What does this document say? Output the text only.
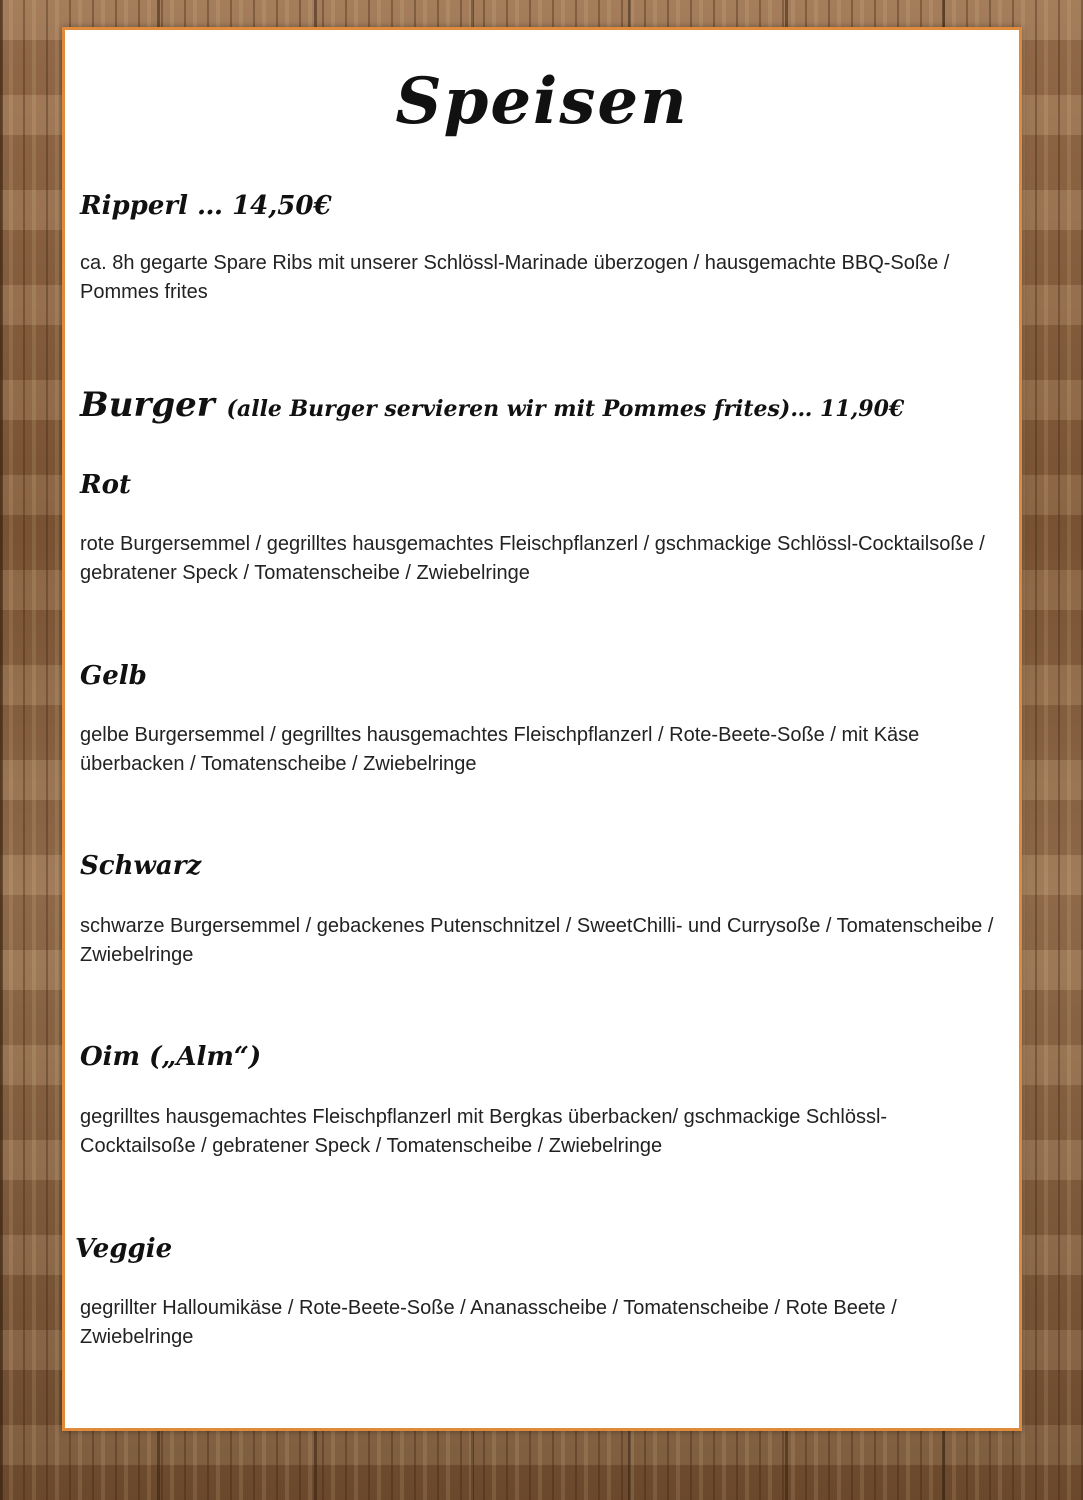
Speisen
Ripperl … 14,50€
ca. 8h gegarte Spare Ribs mit unserer Schlössl-Marinade überzogen / hausgemachte BBQ-Soße / Pommes frites
Burger (alle Burger servieren wir mit Pommes frites)… 11,90€
Rot
rote Burgersemmel / gegrilltes hausgemachtes Fleischpflanzerl / gschmackige Schlössl-Cocktailsoße / gebratener Speck / Tomatenscheibe / Zwiebelringe
Gelb
gelbe Burgersemmel / gegrilltes hausgemachtes Fleischpflanzerl / Rote-Beete-Soße / mit Käse überbacken / Tomatenscheibe / Zwiebelringe
Schwarz
schwarze Burgersemmel / gebackenes Putenschnitzel / SweetChilli- und Currysoße / Tomatenscheibe / Zwiebelringe
Oim („Alm“)
gegrilltes hausgemachtes Fleischpflanzerl mit Bergkas überbacken/ gschmackige Schlössl-Cocktailsoße / gebratener Speck / Tomatenscheibe / Zwiebelringe
Veggie
gegrillter Halloumikäse / Rote-Beete-Soße / Ananasscheibe / Tomatenscheibe / Rote Beete / Zwiebelringe
